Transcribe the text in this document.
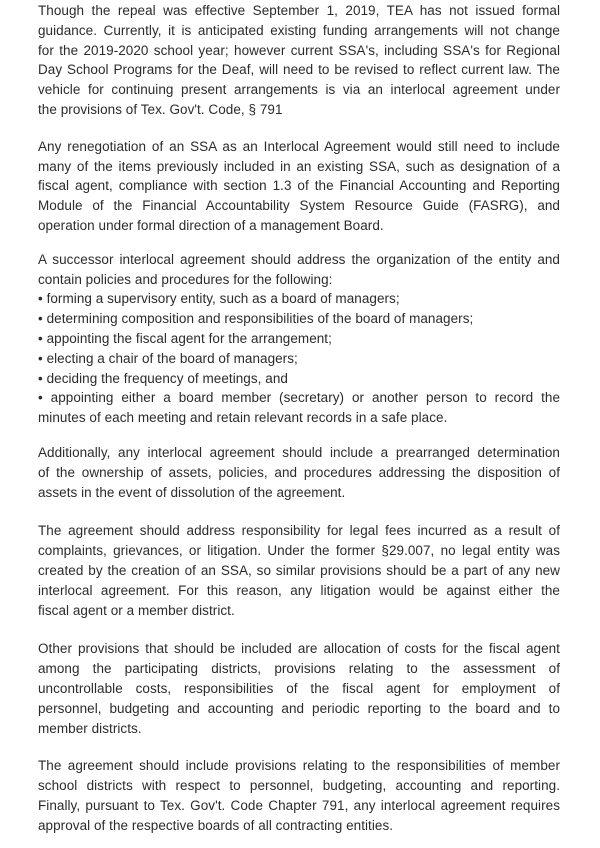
Though the repeal was effective September 1, 2019, TEA has not issued formal
guidance. Currently, it is anticipated existing funding arrangements will not change
for the 2019-2020 school year; however current SSA's, including SSA's for Regional
Day School Programs for the Deaf, will need to be revised to reflect current law. The
vehicle for continuing present arrangements is via an interlocal agreement under
the provisions of Tex. Gov't. Code, § 791
Any renegotiation of an SSA as an Interlocal Agreement would still need to include
many of the items previously included in an existing SSA, such as designation of a
fiscal agent, compliance with section 1.3 of the Financial Accounting and Reporting
Module of the Financial Accountability System Resource Guide (FASRG), and
operation under formal direction of a management Board.
A successor interlocal agreement should address the organization of the entity and
contain policies and procedures for the following:
• forming a supervisory entity, such as a board of managers;
• determining composition and responsibilities of the board of managers;
• appointing the fiscal agent for the arrangement;
• electing a chair of the board of managers;
• deciding the frequency of meetings, and
• appointing either a board member (secretary) or another person to record the
minutes of each meeting and retain relevant records in a safe place.
Additionally, any interlocal agreement should include a prearranged determination
of the ownership of assets, policies, and procedures addressing the disposition of
assets in the event of dissolution of the agreement.
The agreement should address responsibility for legal fees incurred as a result of
complaints, grievances, or litigation. Under the former §29.007, no legal entity was
created by the creation of an SSA, so similar provisions should be a part of any new
interlocal agreement. For this reason, any litigation would be against either the
fiscal agent or a member district.
Other provisions that should be included are allocation of costs for the fiscal agent
among the participating districts, provisions relating to the assessment of
uncontrollable costs, responsibilities of the fiscal agent for employment of
personnel, budgeting and accounting and periodic reporting to the board and to
member districts.
The agreement should include provisions relating to the responsibilities of member
school districts with respect to personnel, budgeting, accounting and reporting.
Finally, pursuant to Tex. Gov't. Code Chapter 791, any interlocal agreement requires
approval of the respective boards of all contracting entities.
